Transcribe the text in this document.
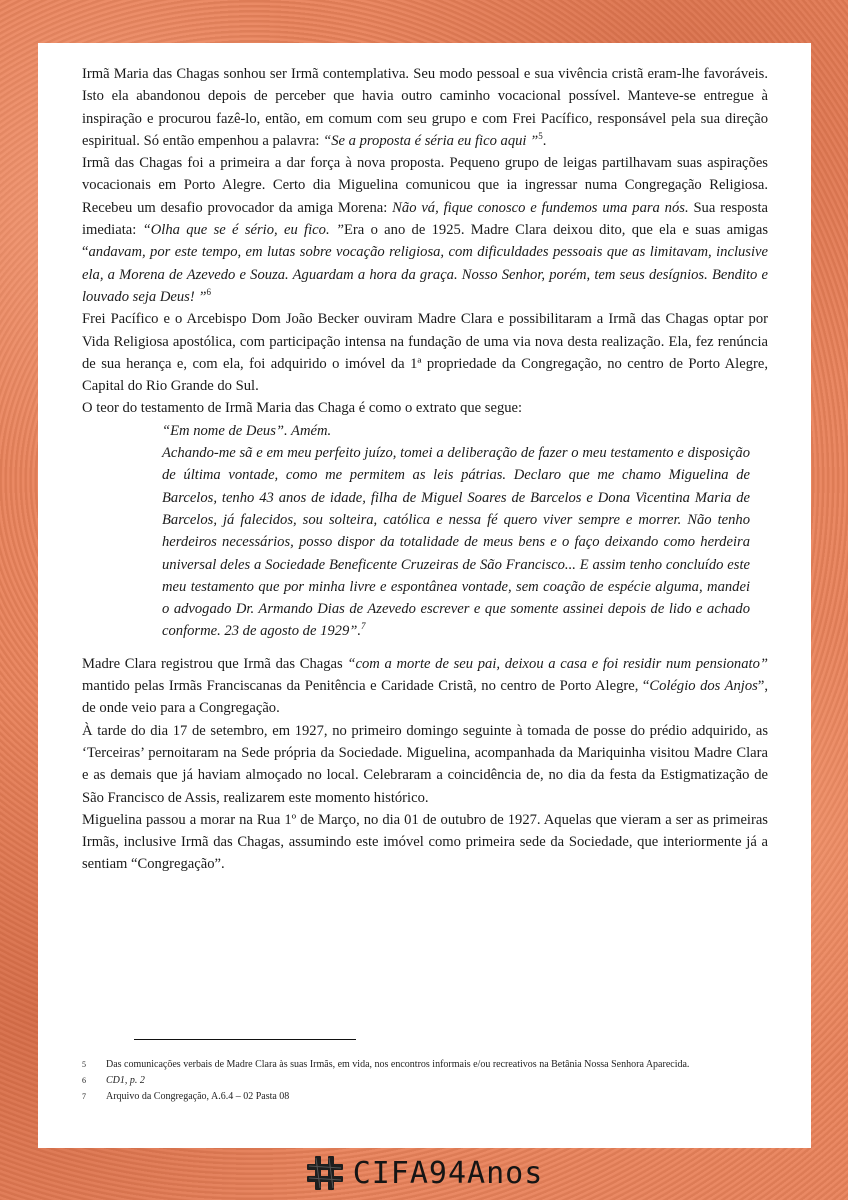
Irmã Maria das Chagas sonhou ser Irmã contemplativa. Seu modo pessoal e sua vivência cristã eram-lhe favoráveis. Isto ela abandonou depois de perceber que havia outro caminho vocacional possível. Manteve-se entregue à inspiração e procurou fazê-lo, então, em comum com seu grupo e com Frei Pacífico, responsável pela sua direção espiritual. Só então empenhou a palavra: “Se a proposta é séria eu fico aqui ”$^5$.

Irmã das Chagas foi a primeira a dar força à nova proposta. Pequeno grupo de leigas partilhavam suas aspirações vocacionais em Porto Alegre. Certo dia Miguelina comunicou que ia ingressar numa Congregação Religiosa. Recebeu um desafio provocador da amiga Morena: Não vá, fique conosco e fundemos uma para nós. Sua resposta imediata: “Olha que se é sério, eu fico. ”Era o ano de 1925. Madre Clara deixou dito, que ela e suas amigas “andavam, por este tempo, em lutas sobre vocação religiosa, com dificuldades pessoais que as limitavam, inclusive ela, a Morena de Azevedo e Souza. Aguardam a hora da graça. Nosso Senhor, porém, tem seus desígnios. Bendito e louvado seja Deus! ”$^6$

Frei Pacífico e o Arcebispo Dom João Becker ouviram Madre Clara e possibilitaram a Irmã das Chagas optar por Vida Religiosa apostólica, com participação intensa na fundação de uma via nova desta realização. Ela, fez renúncia de sua herança e, com ela, foi adquirido o imóvel da 1ª propriedade da Congregação, no centro de Porto Alegre, Capital do Rio Grande do Sul.

O teor do testamento de Irmã Maria das Chaga é como o extrato que segue:

“Em nome de Deus”. Amém.

Achando-me sã e em meu perfeito juízo, tomei a deliberação de fazer o meu testamento e disposição de última vontade, como me permitem as leis pátrias. Declaro que me chamo Miguelina de Barcelos, tenho 43 anos de idade, filha de Miguel Soares de Barcelos e Dona Vicentina Maria de Barcelos, já falecidos, sou solteira, católica e nessa fé quero viver sempre e morrer. Não tenho herdeiros necessários, posso dispor da totalidade de meus bens e o faço deixando como herdeira universal deles a Sociedade Beneficente Cruzeiras de São Francisco... E assim tenho concluído este meu testamento que por minha livre e espontânea vontade, sem coação de espécie alguma, mandei o advogado Dr. Armando Dias de Azevedo escrever e que somente assinei depois de lido e achado conforme. 23 de agosto de 1929”.$^7$

Madre Clara registrou que Irmã das Chagas “com a morte de seu pai, deixou a casa e foi residir num pensionato” mantido pelas Irmãs Franciscanas da Penitência e Caridade Cristã, no centro de Porto Alegre, “Colégio dos Anjos”, de onde veio para a Congregação.

À tarde do dia 17 de setembro, em 1927, no primeiro domingo seguinte à tomada de posse do prédio adquirido, as ‘Terceiras’ pernoitaram na Sede própria da Sociedade. Miguelina, acompanhada da Mariquinha visitou Madre Clara e as demais que já haviam almoçado no local. Celebraram a coincidência de, no dia da festa da Estigmatização de São Francisco de Assis, realizarem este momento histórico.

Miguelina passou a morar na Rua 1º de Março, no dia 01 de outubro de 1927. Aquelas que vieram a ser as primeiras Irmãs, inclusive Irmã das Chagas, assumindo este imóvel como primeira sede da Sociedade, que interiormente já a sentiam “Congregação”.

5	Das comunicações verbais de Madre Clara às suas Irmãs, em vida, nos encontros informais e/ou recreativos na Betânia Nossa Senhora Aparecida.
6	CD1, p. 2
7	Arquivo da Congregação, A.6.4 – 02 Pasta 08
CIFA94Anos
